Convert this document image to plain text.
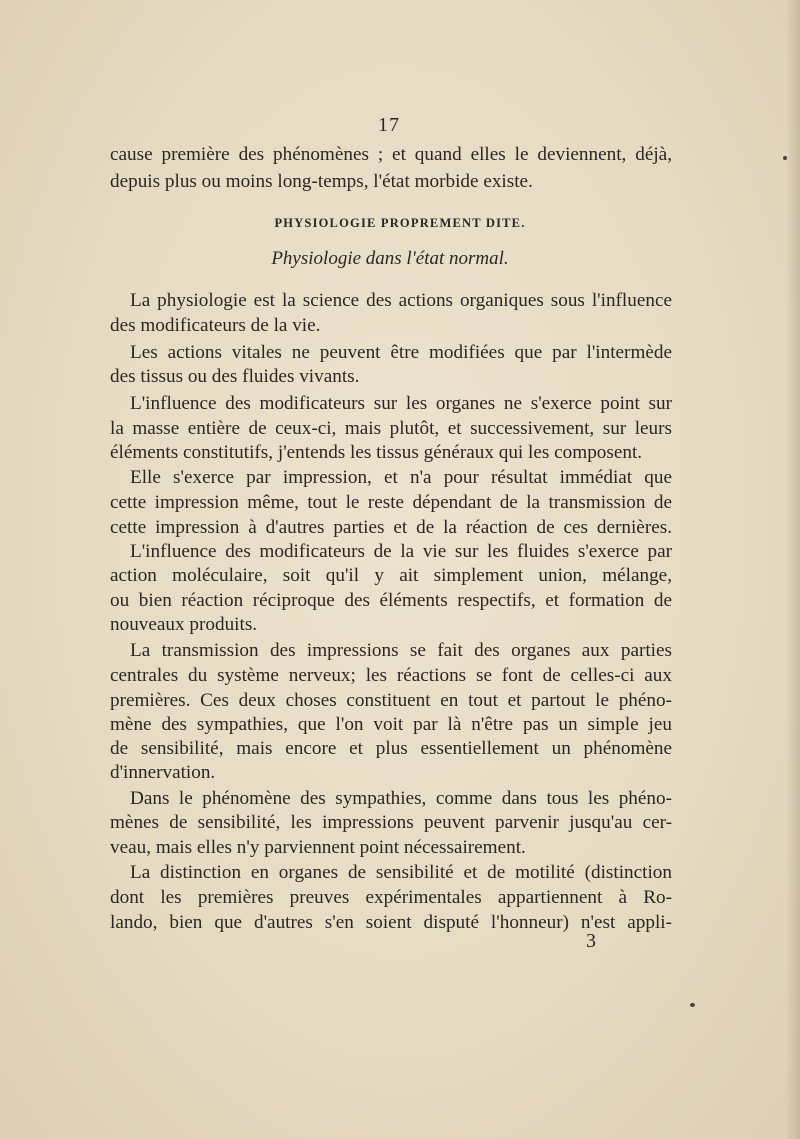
17
cause première des phénomènes ; et quand elles le deviennent, déjà,
depuis plus ou moins long-temps, l'état morbide existe.
PHYSIOLOGIE PROPREMENT DITE.
Physiologie dans l'état normal.
La physiologie est la science des actions organiques sous l'influence
des modificateurs de la vie.
Les actions vitales ne peuvent être modifiées que par l'intermède
des tissus ou des fluides vivants.
L'influence des modificateurs sur les organes ne s'exerce point sur
la masse entière de ceux-ci, mais plutôt, et successivement, sur leurs
éléments constitutifs, j'entends les tissus généraux qui les composent.
Elle s'exerce par impression, et n'a pour résultat immédiat que
cette impression même, tout le reste dépendant de la transmission de
cette impression à d'autres parties et de la réaction de ces dernières.
L'influence des modificateurs de la vie sur les fluides s'exerce par
action moléculaire, soit qu'il y ait simplement union, mélange,
ou bien réaction réciproque des éléments respectifs, et formation de
nouveaux produits.
La transmission des impressions se fait des organes aux parties
centrales du système nerveux; les réactions se font de celles-ci aux
premières. Ces deux choses constituent en tout et partout le phéno-
mène des sympathies, que l'on voit par là n'être pas un simple jeu
de sensibilité, mais encore et plus essentiellement un phénomène
d'innervation.
Dans le phénomène des sympathies, comme dans tous les phéno-
mènes de sensibilité, les impressions peuvent parvenir jusqu'au cer-
veau, mais elles n'y parviennent point nécessairement.
La distinction en organes de sensibilité et de motilité (distinction
dont les premières preuves expérimentales appartiennent à Ro-
lando, bien que d'autres s'en soient disputé l'honneur) n'est appli-
3
